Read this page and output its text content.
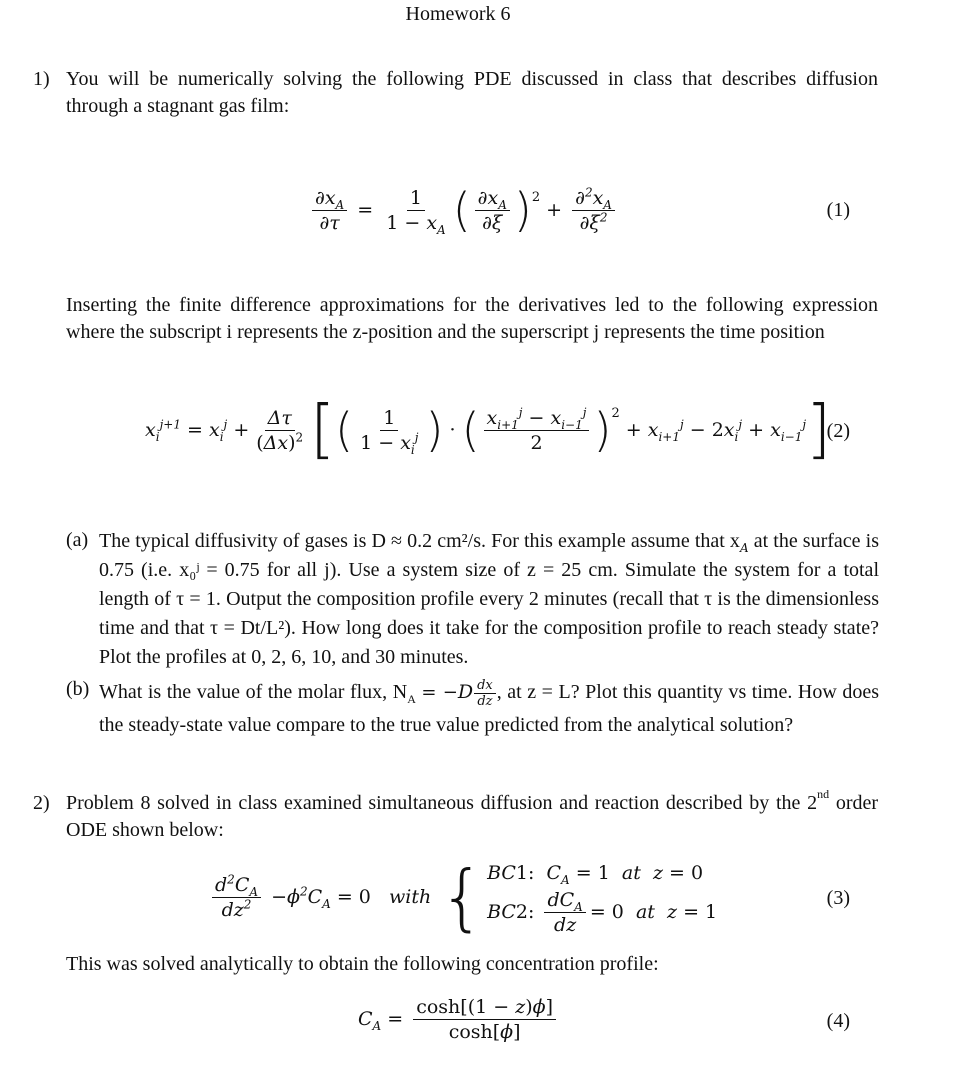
Homework 6
1) You will be numerically solving the following PDE discussed in class that describes diffusion through a stagnant gas film:
$\frac{\partial x_A}{\partial\tau} = \frac{1}{1 - x_A}$ ( $\frac{\partial x_A}{\partial\xi} )^2$
+ $\frac{\partial^2x_A}{\partial\xi^2}$	(1)
Inserting the finite difference approximations for the derivatives led to the following expression where the subscript i represents the z-position and the superscript j represents the time position
$x_i^{j+1} = x_i^j + \frac{\Delta\tau}{(\Delta x)^2}$ [ ( $\frac{1}{1 - x_i^j}$ ) · ( $\frac{x_{i+1}^j - x_{i-1}^j}{2} )^2$
+ $x_{i+1}^j - 2$ $x_i^j + x_{i-1}^j$ ]
(2)
(a) The typical diffusivity of gases is D ≈ 0.2 cm²/s. For this example assume that $x_A$ at the surface is 0.75 (i.e. x₀ʲ = 0.75 for all j). Use a system size of z = 25 cm. Simulate the system for a total length of τ = 1. Output the composition profile every 2 minutes (recall that τ is the dimensionless time and that τ = Dt/L²). How long does it take for the composition profile to reach steady state? Plot the profiles at 0, 2, 6, 10, and 30 minutes.
(b) What is the value of the molar flux, $N_A = -D \frac{dx}{dz}$ , at z = L? Plot this quantity vs time. How does the steady-state value compare to the true value predicted from the analytical solution?
2) Problem 8 solved in class examined simultaneous diffusion and reaction described by the 2nd order ODE shown below:
$\frac{d^2C_A}{dz^2} - \phi^2C_A = 0$ with { BC1:  $C_A = 1$  at z = 0
BC 2: $\frac{dC_A}{dz} = 0$ at
z = 1
(3)
This was solved analytically to obtain the following concentration profile:
$C_A = \frac{\cosh[(1 - z)\phi]}{\cosh[\phi]}$	(4)
